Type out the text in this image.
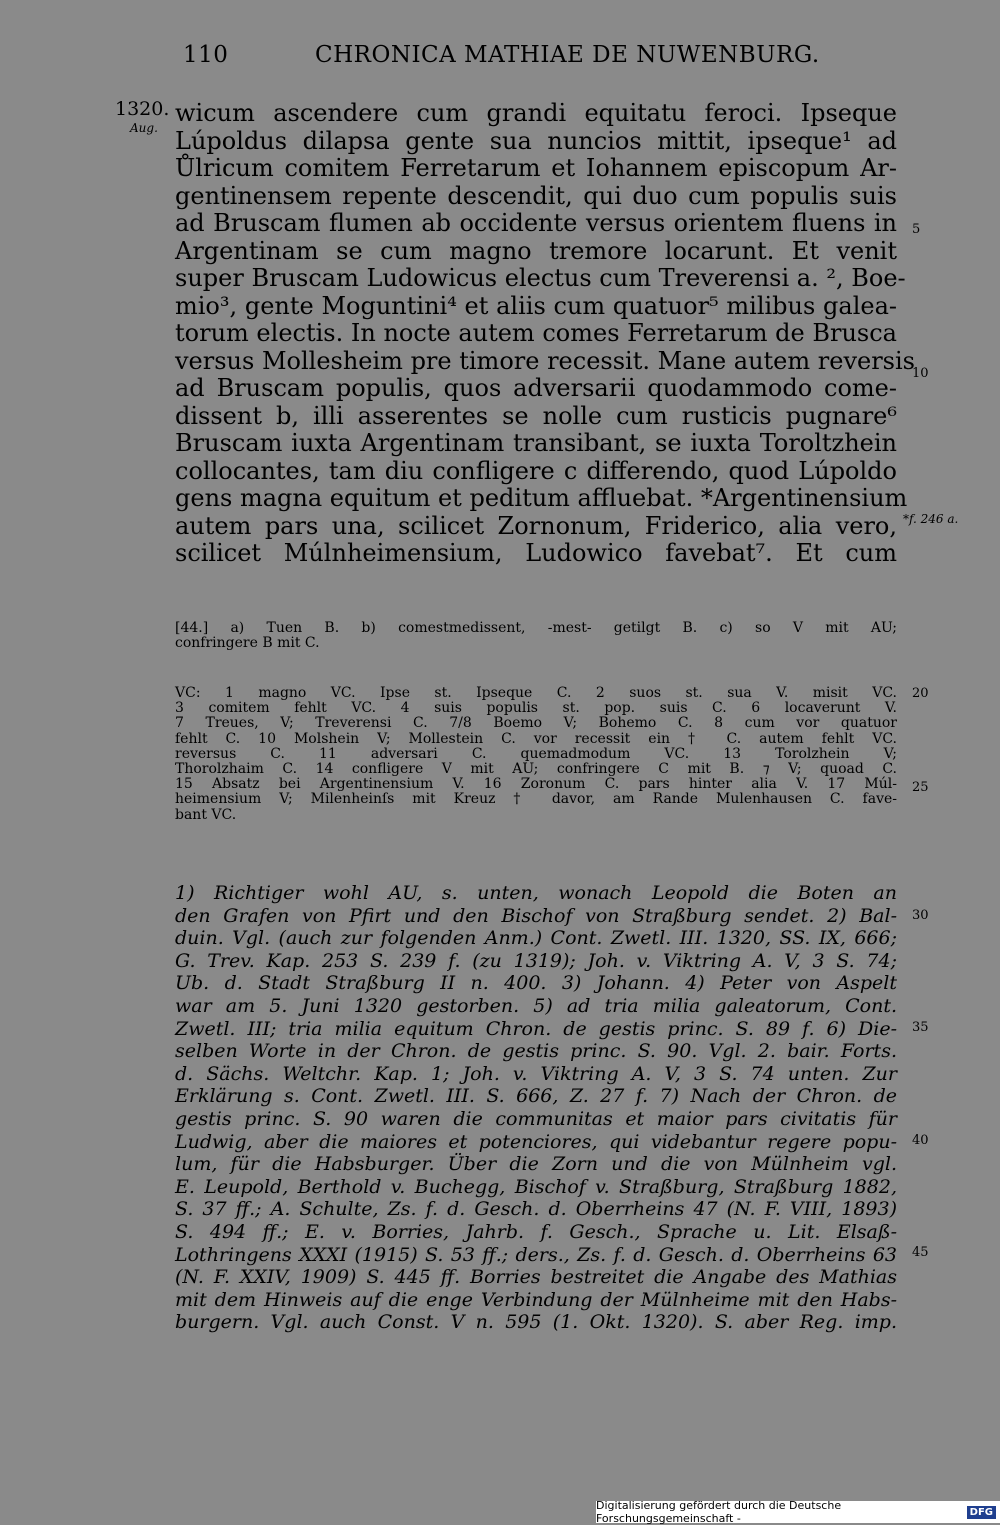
110	CHRONICA MATHIAE DE NUWENBURG.
1320.
Aug.
wicum ascendere cum grandi equitatu feroci. Ipseque
Lúpoldus dilapsa gente sua nuncios mittit, ipseque¹ ad
Ůlricum comitem Ferretarum et Iohannem episcopum Ar-
gentinensem repente descendit, qui duo cum populis suis
ad Bruscam flumen ab occidente versus orientem fluens in
Argentinam se cum magno tremore locarunt. Et venit
super Bruscam Ludowicus electus cum Treverensi a. ², Boe-
mio³, gente Moguntini⁴ et aliis cum quatuor⁵ milibus galea-
torum electis. In nocte autem comes Ferretarum de Brusca
versus Mollesheim pre timore recessit. Mane autem reversis
ad Bruscam populis, quos adversarii quodammodo come-
dissent b, illi asserentes se nolle cum rusticis pugnare⁶
Bruscam iuxta Argentinam transibant, se iuxta Toroltzhein
collocantes, tam diu confligere c differendo, quod Lúpoldo
gens magna equitum et peditum affluebat. *Argentinensium
autem pars una, scilicet Zornonum, Friderico, alia vero,
scilicet Múlnheimensium, Ludowico favebat⁷. Et cum
5
10
20
25
30
35
40
45
*f. 246 a.
[44.] a) Tuen B. b) comestmedissent, -mest- getilgt B. c) so V mit AU;
confringere B mit C.
VC: 1 magno VC. Ipse st. Ipseque C. 2 suos st. sua V. misit VC.
3 comitem fehlt VC. 4 suis populis st. pop. suis C. 6 locaverunt V.
7 Treues, V; Treverensi C. 7/8 Boemo V; Bohemo C. 8 cum vor quatuor
fehlt C. 10 Molshein V; Mollestein C. vor recessit ein † C. autem fehlt VC.
reversus C. 11 adversari C. quemadmodum VC. 13 Torolzhein V;
Thorolzhaim C. 14 confligere V mit AU; confringere C mit B. ⁊ V; quoad C.
15 Absatz bei Argentinensium V. 16 Zoronum C. pars hinter alia V. 17 Múl-
heimensium V; Milenheinſs mit Kreuz † davor, am Rande Mulenhausen C. fave-
bant VC.
1) Richtiger wohl AU, s. unten, wonach Leopold die Boten an
den Grafen von Pfirt und den Bischof von Straßburg sendet. 2) Bal-
duin. Vgl. (auch zur folgenden Anm.) Cont. Zwetl. III. 1320, SS. IX, 666;
G. Trev. Kap. 253 S. 239 f. (zu 1319); Joh. v. Viktring A. V, 3 S. 74;
Ub. d. Stadt Straßburg II n. 400. 3) Johann. 4) Peter von Aspelt
war am 5. Juni 1320 gestorben. 5) ad tria milia galeatorum, Cont.
Zwetl. III; tria milia equitum Chron. de gestis princ. S. 89 f. 6) Die-
selben Worte in der Chron. de gestis princ. S. 90. Vgl. 2. bair. Forts.
d. Sächs. Weltchr. Kap. 1; Joh. v. Viktring A. V, 3 S. 74 unten. Zur
Erklärung s. Cont. Zwetl. III. S. 666, Z. 27 f. 7) Nach der Chron. de
gestis princ. S. 90 waren die communitas et maior pars civitatis für
Ludwig, aber die maiores et potenciores, qui videbantur regere popu-
lum, für die Habsburger. Über die Zorn und die von Mülnheim vgl.
E. Leupold, Berthold v. Buchegg, Bischof v. Straßburg, Straßburg 1882,
S. 37 ff.; A. Schulte, Zs. f. d. Gesch. d. Oberrheins 47 (N. F. VIII, 1893)
S. 494 ff.; E. v. Borries, Jahrb. f. Gesch., Sprache u. Lit. Elsaß-
Lothringens XXXI (1915) S. 53 ff.; ders., Zs. f. d. Gesch. d. Oberrheins 63
(N. F. XXIV, 1909) S. 445 ff. Borries bestreitet die Angabe des Mathias
mit dem Hinweis auf die enge Verbindung der Mülnheime mit den Habs-
burgern. Vgl. auch Const. V n. 595 (1. Okt. 1320). S. aber Reg. imp.
Digitalisierung gefördert durch die Deutsche Forschungsgemeinschaft -	DFG
